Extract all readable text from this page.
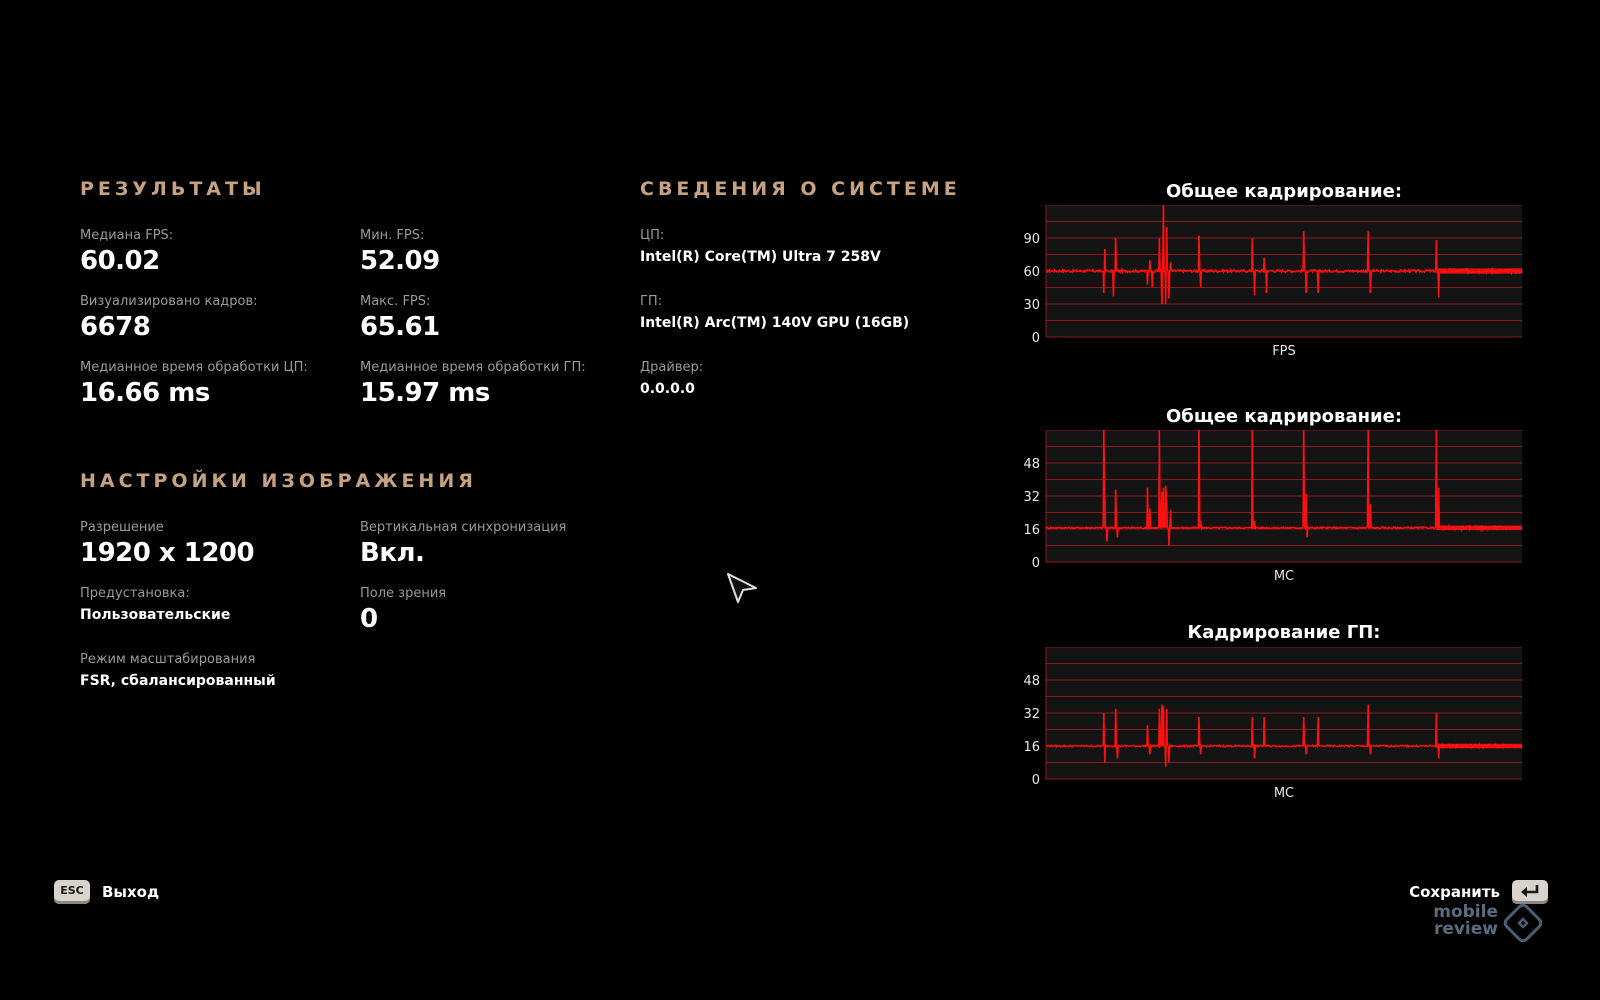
РЕЗУЛЬТАТЫ
Медиана FPS:
60.02
Мин. FPS:
52.09
Визуализировано кадров:
6678
Макс. FPS:
65.61
Медианное время обработки ЦП:
16.66 ms
Медианное время обработки ГП:
15.97 ms
НАСТРОЙКИ ИЗОБРАЖЕНИЯ
Разрешение
1920 x 1200
Вертикальная синхронизация
Вкл.
Предустановка:
Пользовательские
Поле зрения
0
Режим масштабирования
FSR, сбалансированный
СВЕДЕНИЯ О СИСТЕМЕ
ЦП:
Intel(R) Core(TM) Ultra 7 258V
ГП:
Intel(R) Arc(TM) 140V GPU (16GB)
Драйвер:
0.0.0.0
Общее кадрирование:
0
30
60
90
FPS
Общее кадрирование:
0
16
32
48
МС
Кадрирование ГП:
0
16
32
48
МС
ESC	Выход	Сохранить
mobile
review
